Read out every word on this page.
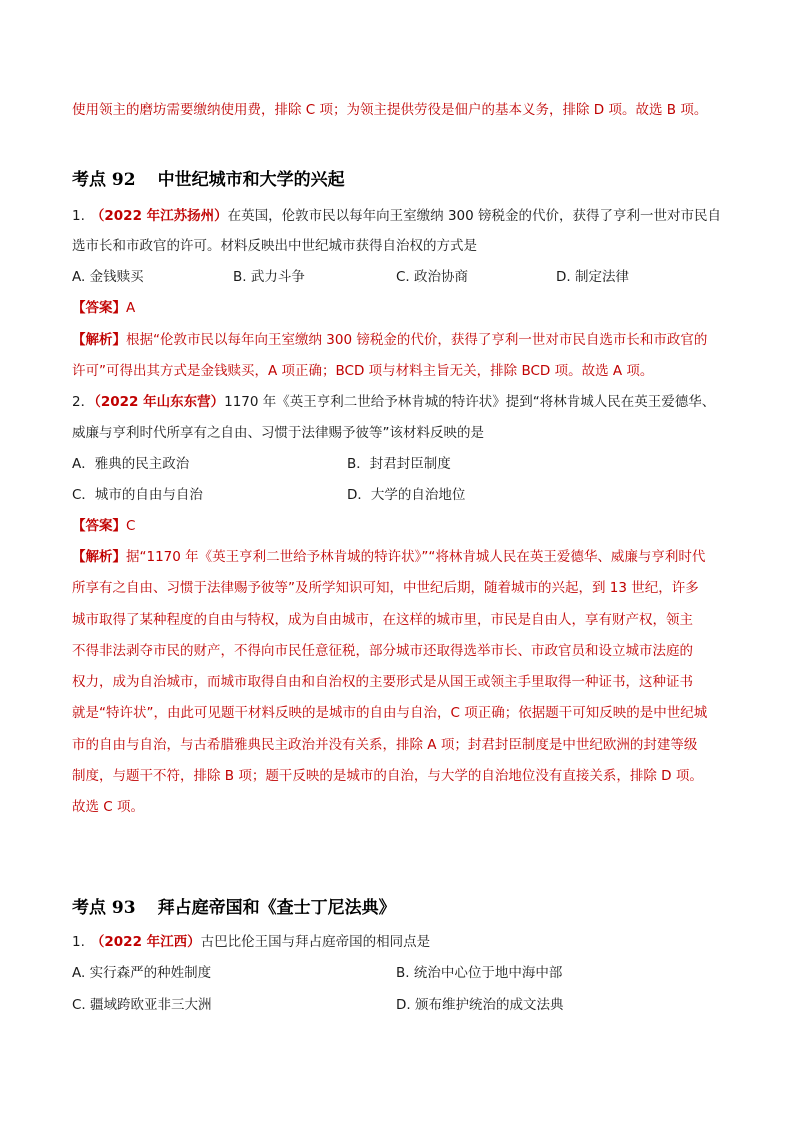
使用领主的磨坊需要缴纳使用费，排除 C 项；为领主提供劳役是佃户的基本义务，排除 D 项。故选 B 项。
考点 92 中世纪城市和大学的兴起
1. （2022 年江苏扬州）在英国，伦敦市民以每年向王室缴纳 300 镑税金的代价，获得了亨利一世对市民自
选市长和市政官的许可。材料反映出中世纪城市获得自治权的方式是
A. 金钱赎买	B. 武力斗争	C. 政治协商	D. 制定法律
【答案】A
【解析】根据“伦敦市民以每年向王室缴纳 300 镑税金的代价，获得了亨利一世对市民自选市长和市政官的
许可”可得出其方式是金钱赎买，A 项正确；BCD 项与材料主旨无关，排除 BCD 项。故选 A 项。
2．（2022 年山东东营）1170 年《英王亨利二世给予林肯城的特许状》提到“将林肯城人民在英王爱德华、
威廉与亨利时代所享有之自由、习惯于法律赐予彼等”该材料反映的是
A．雅典的民主政治	B．封君封臣制度
C．城市的自由与自治	D．大学的自治地位
【答案】C
【解析】据“1170 年《英王亨利二世给予林肯城的特许状》”“将林肯城人民在英王爱德华、威廉与亨利时代
所享有之自由、习惯于法律赐予彼等”及所学知识可知，中世纪后期，随着城市的兴起，到 13 世纪，许多
城市取得了某种程度的自由与特权，成为自由城市，在这样的城市里，市民是自由人，享有财产权，领主
不得非法剥夺市民的财产，不得向市民任意征税，部分城市还取得选举市长、市政官员和设立城市法庭的
权力，成为自治城市，而城市取得自由和自治权的主要形式是从国王或领主手里取得一种证书，这种证书
就是“特许状”，由此可见题干材料反映的是城市的自由与自治，C 项正确；依据题干可知反映的是中世纪城
市的自由与自治，与古希腊雅典民主政治并没有关系，排除 A 项；封君封臣制度是中世纪欧洲的封建等级
制度，与题干不符，排除 B 项；题干反映的是城市的自治，与大学的自治地位没有直接关系，排除 D 项。
故选 C 项。
考点 93 拜占庭帝国和《查士丁尼法典》
1. （2022 年江西）古巴比伦王国与拜占庭帝国的相同点是
A. 实行森严的种姓制度	B. 统治中心位于地中海中部
C. 疆域跨欧亚非三大洲	D. 颁布维护统治的成文法典
